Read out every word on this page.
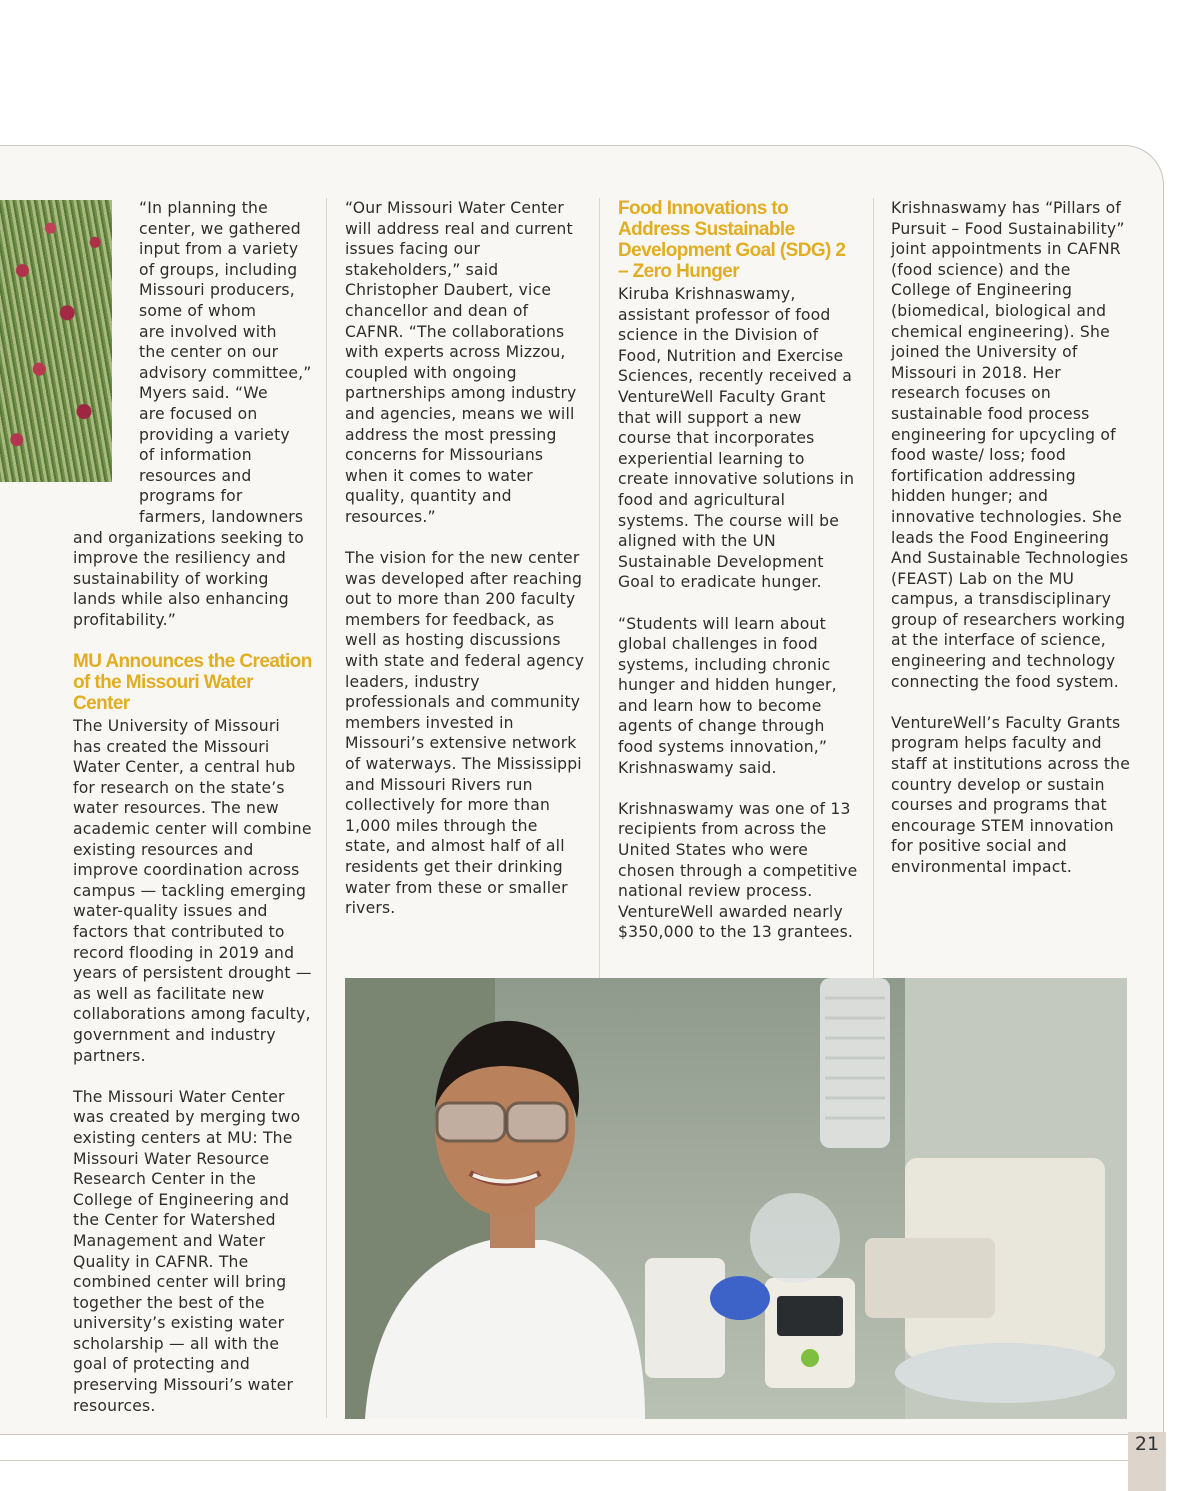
21
“In planning the
center, we gathered
input from a variety
of groups, including
Missouri producers,
some of whom
are involved with
the center on our
advisory committee,”
Myers said. “We
are focused on
providing a variety
of information
resources and
programs for
farmers, landowners

and organizations seeking to improve the resiliency and sustainability of working lands while also enhancing profitability.”

MU Announces the Creation of the Missouri Water Center

The University of Missouri has created the Missouri Water Center, a central hub for research on the state’s water resources. The new academic center will combine existing resources and improve coordination across campus — tackling emerging water-quality issues and factors that contributed to record flooding in 2019 and years of persistent drought — as well as facilitate new collaborations among faculty, government and industry partners.

The Missouri Water Center was created by merging two existing centers at MU: The Missouri Water Resource Research Center in the College of Engineering and the Center for Watershed Management and Water Quality in CAFNR. The combined center will bring together the best of the university’s existing water scholarship — all with the goal of protecting and preserving Missouri’s water resources.

“Our Missouri Water Center will address real and current issues facing our stakeholders,” said Christopher Daubert, vice chancellor and dean of CAFNR. “The collaborations with experts across Mizzou, coupled with ongoing partnerships among industry and agencies, means we will address the most pressing concerns for Missourians when it comes to water quality, quantity and resources.”

The vision for the new center was developed after reaching out to more than 200 faculty members for feedback, as well as hosting discussions with state and federal agency leaders, industry professionals and community members invested in Missouri’s extensive network of waterways. The Mississippi and Missouri Rivers run collectively for more than 1,000 miles through the state, and almost half of all residents get their drinking water from these or smaller rivers.

Food Innovations to Address Sustainable Development Goal (SDG) 2 – Zero Hunger

Kiruba Krishnaswamy, assistant professor of food science in the Division of Food, Nutrition and Exercise Sciences, recently received a VentureWell Faculty Grant that will support a new course that incorporates experiential learning to create innovative solutions in food and agricultural systems. The course will be aligned with the UN Sustainable Development Goal to eradicate hunger.

“Students will learn about global challenges in food systems, including chronic hunger and hidden hunger, and learn how to become agents of change through food systems innovation,” Krishnaswamy said.

Krishnaswamy was one of 13 recipients from across the United States who were chosen through a competitive national review process. VentureWell awarded nearly $350,000 to the 13 grantees.

Krishnaswamy has “Pillars of Pursuit – Food Sustainability” joint appointments in CAFNR (food science) and the College of Engineering (biomedical, biological and chemical engineering). She joined the University of Missouri in 2018. Her research focuses on sustainable food process engineering for upcycling of food waste/ loss; food fortification addressing hidden hunger; and innovative technologies. She leads the Food Engineering And Sustainable Technologies (FEAST) Lab on the MU campus, a transdisciplinary group of researchers working at the interface of science, engineering and technology connecting the food system.

VentureWell’s Faculty Grants program helps faculty and staff at institutions across the country develop or sustain courses and programs that encourage STEM innovation for positive social and environmental impact.
